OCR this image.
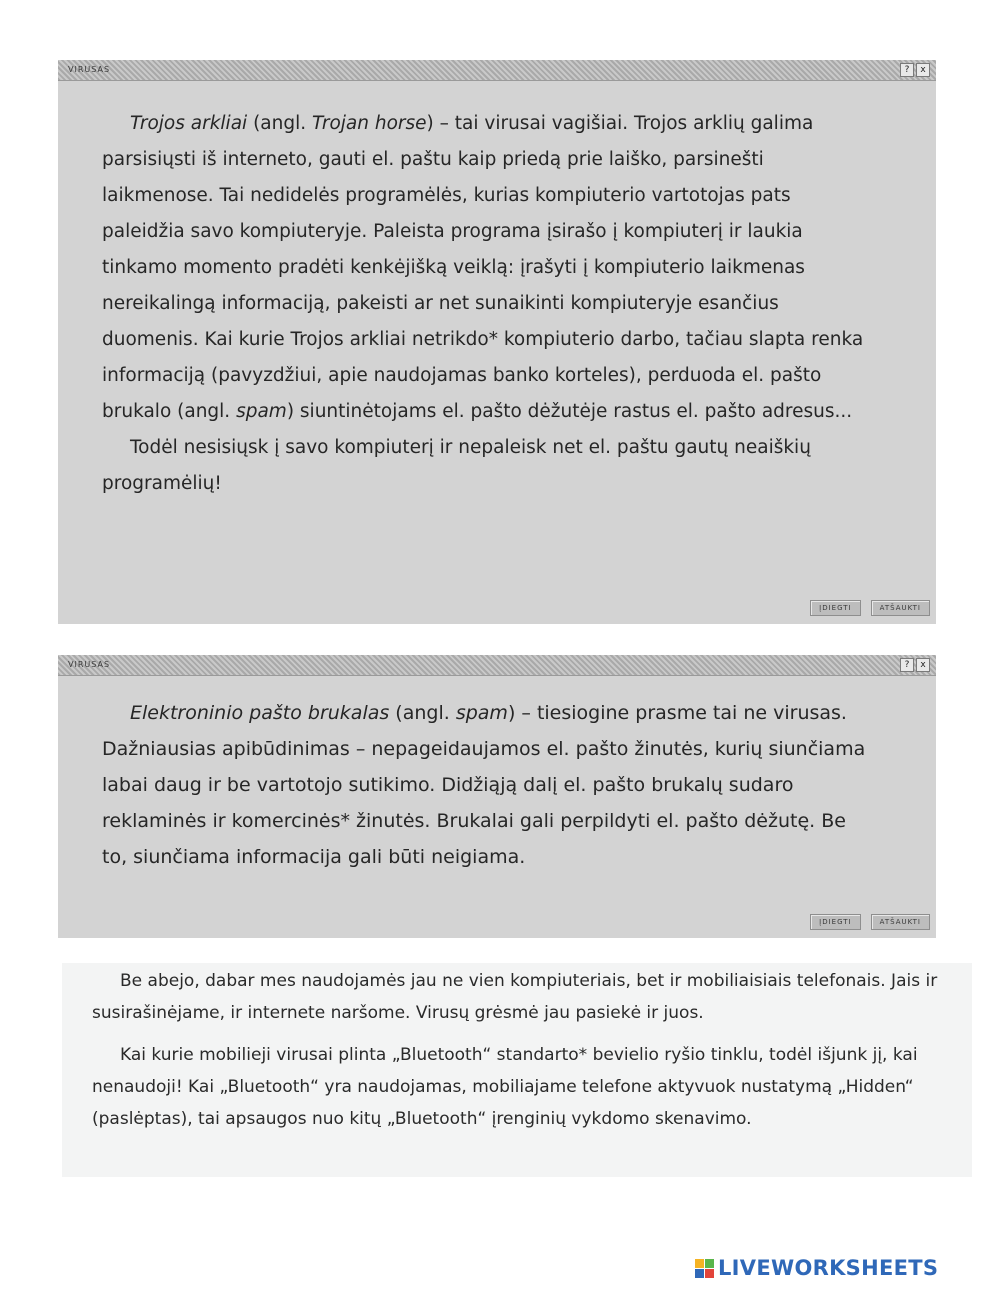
VIRUSAS	?	x

Trojos arkliai (angl. Trojan horse) – tai virusai vagišiai. Trojos arklių galima parsisiųsti iš interneto, gauti el. paštu kaip priedą prie laiško, parsinešti laikmenose. Tai nedidelės programėlės, kurias kompiuterio vartotojas pats paleidžia savo kompiuteryje. Paleista programa įsirašo į kompiuterį ir laukia tinkamo momento pradėti kenkėjišką veiklą: įrašyti į kompiuterio laikmenas nereikalingą informaciją, pakeisti ar net sunaikinti kompiuteryje esančius duomenis. Kai kurie Trojos arkliai netrikdo* kompiuterio darbo, tačiau slapta renka informaciją (pavyzdžiui, apie naudojamas banko korteles), perduoda el. pašto brukalo (angl. spam) siuntinėtojams el. pašto dėžutėje rastus el. pašto adresus...

Todėl nesisiųsk į savo kompiuterį ir nepaleisk net el. paštu gautų neaiškių programėlių!

ĮDIEGTI	ATŠAUKTI
VIRUSAS	?	x

Elektroninio pašto brukalas (angl. spam) – tiesiogine prasme tai ne virusas. Dažniausias apibūdinimas – nepageidaujamos el. pašto žinutės, kurių siunčiama labai daug ir be vartotojo sutikimo. Didžiąją dalį el. pašto brukalų sudaro reklaminės ir komercinės* žinutės. Brukalai gali perpildyti el. pašto dėžutę. Be to, siunčiama informacija gali būti neigiama.

ĮDIEGTI	ATŠAUKTI

Be abejo, dabar mes naudojamės jau ne vien kompiuteriais, bet ir mobiliaisiais telefonais. Jais ir susirašinėjame, ir internete naršome. Virusų grėsmė jau pasiekė ir juos.

Kai kurie mobilieji virusai plinta „Bluetooth“ standarto* bevielio ryšio tinklu, todėl išjunk jį, kai nenaudoji! Kai „Bluetooth“ yra naudojamas, mobiliajame telefone aktyvuok nustatymą „Hidden“ (paslėptas), tai apsaugos nuo kitų „Bluetooth“ įrenginių vykdomo skenavimo.

LIVEWORKSHEETS
